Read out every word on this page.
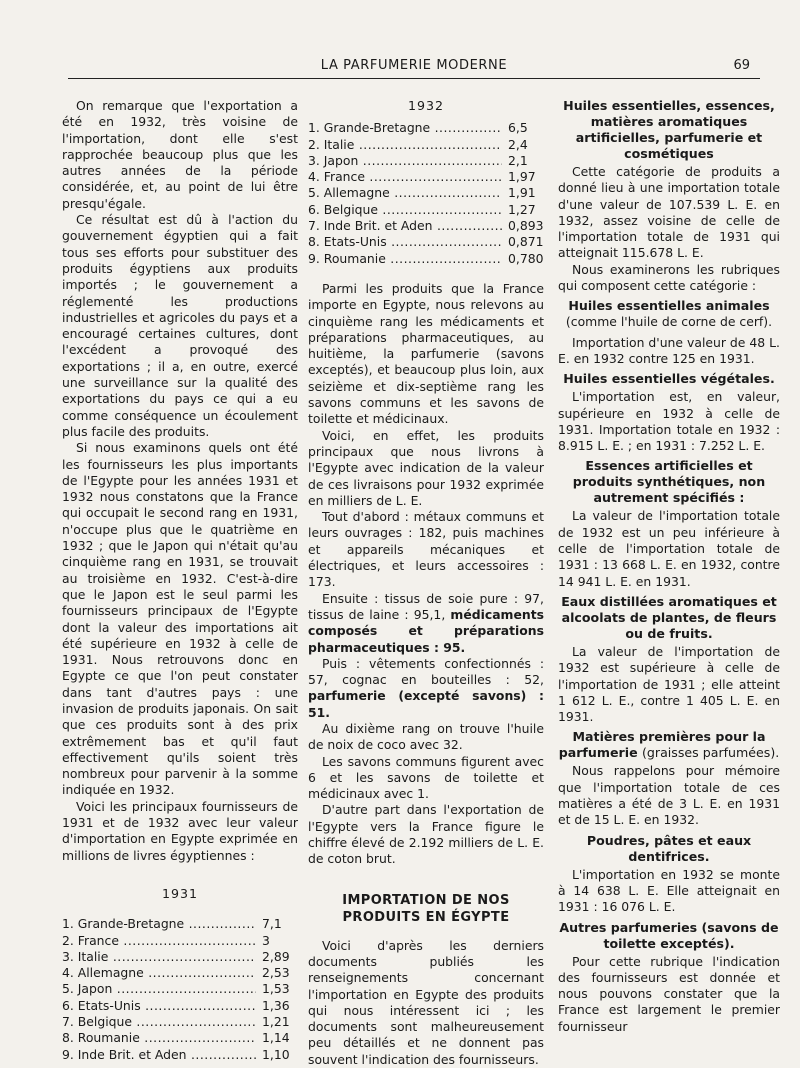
LA PARFUMERIE MODERNE	69

On remarque que l'exportation a été en 1932, très voisine de l'importation, dont elle s'est rapprochée beaucoup plus que les autres années de la période considérée, et, au point de lui être presqu'égale.

Ce résultat est dû à l'action du gouvernement égyptien qui a fait tous ses efforts pour substituer des produits égyptiens aux produits importés ; le gouvernement a réglementé les productions industrielles et agricoles du pays et a encouragé certaines cultures, dont l'excédent a provoqué des exportations ; il a, en outre, exercé une surveillance sur la qualité des exportations du pays ce qui a eu comme conséquence un écoulement plus facile des produits.

Si nous examinons quels ont été les fournisseurs les plus importants de l'Egypte pour les années 1931 et 1932 nous constatons que la France qui occupait le second rang en 1931, n'occupe plus que le quatrième en 1932 ; que le Japon qui n'était qu'au cinquième rang en 1931, se trouvait au troisième en 1932. C'est-à-dire que le Japon est le seul parmi les fournisseurs principaux de l'Egypte dont la valeur des importations ait été supérieure en 1932 à celle de 1931. Nous retrouvons donc en Egypte ce que l'on peut constater dans tant d'autres pays : une invasion de produits japonais. On sait que ces produits sont à des prix extrêmement bas et qu'il faut effectivement qu'ils soient très nombreux pour parvenir à la somme indiquée en 1932.

Voici les principaux fournisseurs de 1931 et de 1932 avec leur valeur d'importation en Egypte exprimée en millions de livres égyptiennes :

1931
1. Grande-Bretagne .....	7,1
2. France .....	3
3. Italie .....	2,89
4. Allemagne .....	2,53
5. Japon .....	1,53
6. Etats-Unis .....	1,36
7. Belgique .....	1,21
8. Roumanie .....	1,14
9. Inde Brit. et Aden .....	1,10
1932
1. Grande-Bretagne .....	6,5
2. Italie .....	2,4
3. Japon .....	2,1
4. France .....	1,97
5. Allemagne .....	1,91
6. Belgique .....	1,27
7. Inde Brit. et Aden .....	0,893
8. Etats-Unis .....	0,871
9. Roumanie .....	0,780

Parmi les produits que la France importe en Egypte, nous relevons au cinquième rang les médicaments et préparations pharmaceutiques, au huitième, la parfumerie (savons exceptés), et beaucoup plus loin, aux seizième et dix-septième rang les savons communs et les savons de toilette et médicinaux.

Voici, en effet, les produits principaux que nous livrons à l'Egypte avec indication de la valeur de ces livraisons pour 1932 exprimée en milliers de L. E.

Tout d'abord : métaux communs et leurs ouvrages : 182, puis machines et appareils mécaniques et électriques, et leurs accessoires : 173.

Ensuite : tissus de soie pure : 97, tissus de laine : 95,1, médicaments composés et préparations pharmaceutiques : 95.

Puis : vêtements confectionnés : 57, cognac en bouteilles : 52, parfumerie (excepté savons) : 51.

Au dixième rang on trouve l'huile de noix de coco avec 32.

Les savons communs figurent avec 6 et les savons de toilette et médicinaux avec 1.

D'autre part dans l'exportation de l'Egypte vers la France figure le chiffre élevé de 2.192 milliers de L. E. de coton brut.

IMPORTATION DE NOS PRODUITS EN ÉGYPTE

Voici d'après les derniers documents publiés les renseignements concernant l'importation en Egypte des produits qui nous intéressent ici ; les documents sont malheureusement peu détaillés et ne donnent pas souvent l'indication des fournisseurs.

Huiles essentielles, essences, matières aromatiques artificielles, parfumerie et cosmétiques

Cette catégorie de produits a donné lieu à une importation totale d'une valeur de 107.539 L. E. en 1932, assez voisine de celle de l'importation totale de 1931 qui atteignait 115.678 L. E.

Nous examinerons les rubriques qui composent cette catégorie :

Huiles essentielles animales
(comme l'huile de corne de cerf).

Importation d'une valeur de 48 L. E. en 1932 contre 125 en 1931.

Huiles essentielles végétales.

L'importation est, en valeur, supérieure en 1932 à celle de 1931. Importation totale en 1932 : 8.915 L. E. ; en 1931 : 7.252 L. E.

Essences artificielles et produits synthétiques, non autrement spécifiés :

La valeur de l'importation totale de 1932 est un peu inférieure à celle de l'importation totale de 1931 : 13 668 L. E. en 1932, contre 14 941 L. E. en 1931.

Eaux distillées aromatiques et alcoolats de plantes, de fleurs ou de fruits.

La valeur de l'importation de 1932 est supérieure à celle de l'importation de 1931 ; elle atteint 1 612 L. E., contre 1 405 L. E. en 1931.

Matières premières pour la parfumerie (graisses parfumées).

Nous rappelons pour mémoire que l'importation totale de ces matières a été de 3 L. E. en 1931 et de 15 L. E. en 1932.

Poudres, pâtes et eaux dentifrices.

L'importation en 1932 se monte à 14 638 L. E. Elle atteignait en 1931 : 16 076 L. E.

Autres parfumeries (savons de toilette exceptés).

Pour cette rubrique l'indication des fournisseurs est donnée et nous pouvons constater que la France est largement le premier fournisseur
